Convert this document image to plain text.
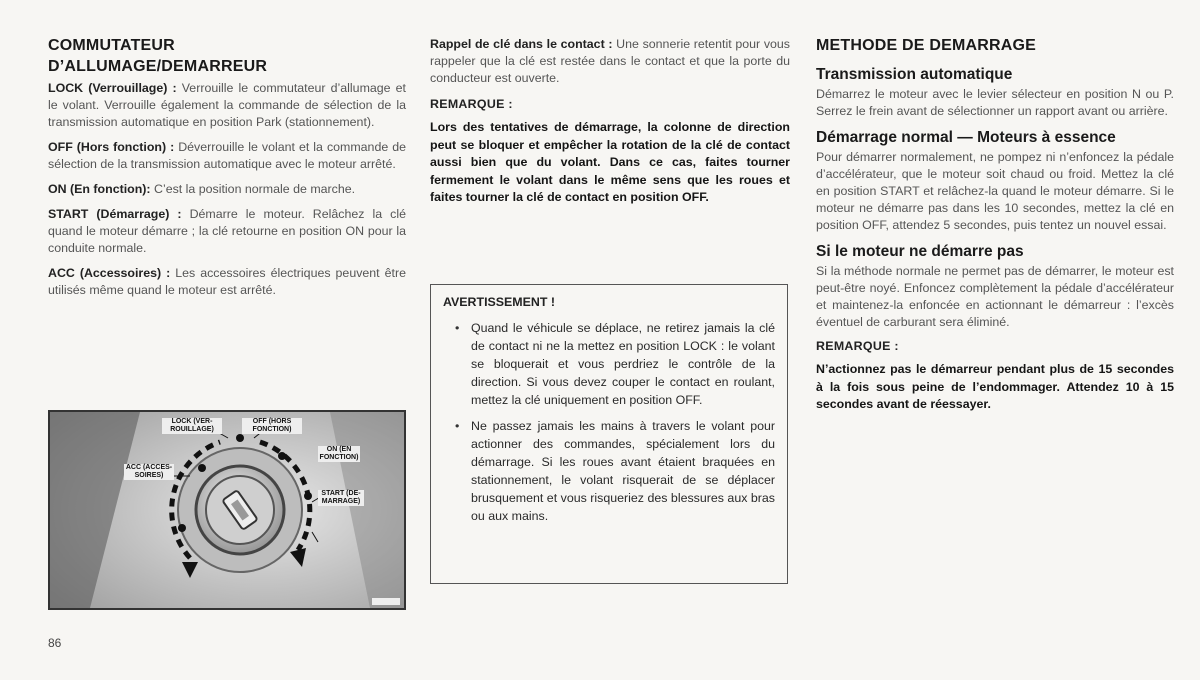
COMMUTATEUR
D’ALLUMAGE/DEMARREUR

LOCK (Verrouillage) : Verrouille le commutateur d’allumage et le volant. Verrouille également la commande de sélection de la transmission automatique en position Park (stationnement).

OFF (Hors fonction) : Déverrouille le volant et la commande de sélection de la transmission automatique avec le moteur arrêté.

ON (En fonction): C’est la position normale de marche.

START (Démarrage) : Démarre le moteur. Relâchez la clé quand le moteur démarre ; la clé retourne en position ON pour la conduite normale.

ACC (Accessoires) : Les accessoires électriques peuvent être utilisés même quand le moteur est arrêté.

LOCK (VER- ROUILLAGE)
OFF (HORS FONCTION)
ON (EN FONCTION)
ACC (ACCES- SOIRES)
START (DE- MARRAGE)

Rappel de clé dans le contact : Une sonnerie retentit pour vous rappeler que la clé est restée dans le contact et que la porte du conducteur est ouverte.

REMARQUE :

Lors des tentatives de démarrage, la colonne de direction peut se bloquer et empêcher la rotation de la clé de contact aussi bien que du volant. Dans ce cas, faites tourner fermement le volant dans le même sens que les roues et faites tourner la clé de contact en position OFF.

AVERTISSEMENT !
• Quand le véhicule se déplace, ne retirez jamais la clé de contact ni ne la mettez en position LOCK : le volant se bloquerait et vous perdriez le contrôle de la direction. Si vous devez couper le contact en roulant, mettez la clé uniquement en position OFF.
• Ne passez jamais les mains à travers le volant pour actionner des commandes, spécialement lors du démarrage. Si les roues avant étaient braquées en stationnement, le volant risquerait de se déplacer brusquement et vous risqueriez des blessures aux bras ou aux mains.
METHODE DE DEMARRAGE
Transmission automatique

Démarrez le moteur avec le levier sélecteur en position N ou P. Serrez le frein avant de sélectionner un rapport avant ou arrière.

Démarrage normal — Moteurs à essence

Pour démarrer normalement, ne pompez ni n’enfoncez la pédale d’accélérateur, que le moteur soit chaud ou froid. Mettez la clé en position START et relâchez-la quand le moteur démarre. Si le moteur ne démarre pas dans les 10 secondes, mettez la clé en position OFF, attendez 5 secondes, puis tentez un nouvel essai.

Si le moteur ne démarre pas

Si la méthode normale ne permet pas de démarrer, le moteur est peut-être noyé. Enfoncez complètement la pédale d’accélérateur et maintenez-la enfoncée en actionnant le démarreur : l’excès éventuel de carburant sera éliminé.

REMARQUE :

N’actionnez pas le démarreur pendant plus de 15 secondes à la fois sous peine de l’endommager. Attendez 10 à 15 secondes avant de réessayer.

86
